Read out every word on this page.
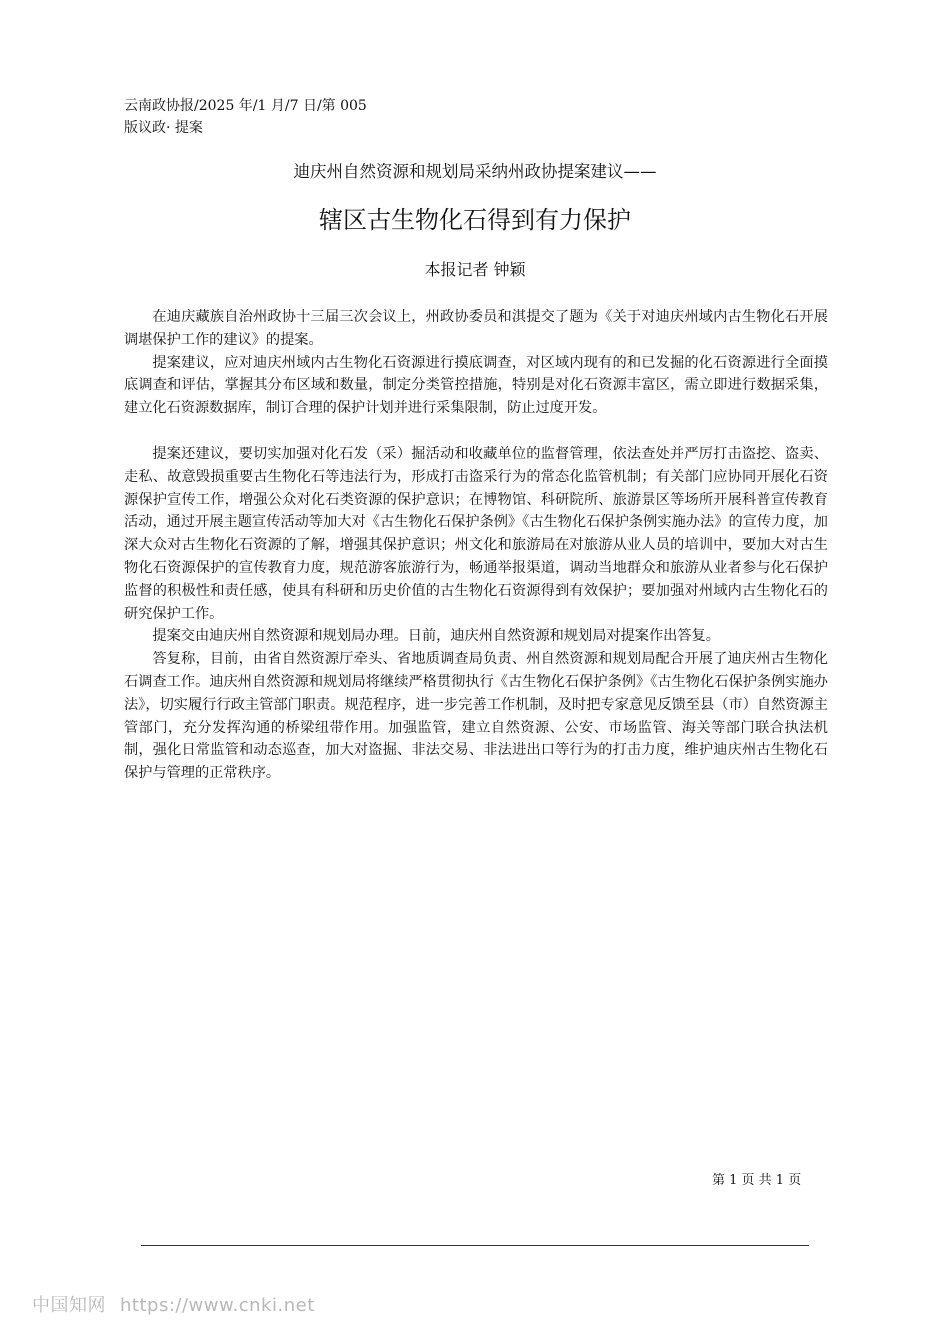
云南政协报/2025 年/1 月/7 日/第 005
版议政· 提案
迪庆州自然资源和规划局采纳州政协提案建议——
辖区古生物化石得到有力保护
本报记者 钟颖

在迪庆藏族自治州政协十三届三次会议上，州政协委员和淇提交了题为《关于对迪庆州域内古生物化石开展调堪保护工作的建议》的提案。

提案建议，应对迪庆州域内古生物化石资源进行摸底调查，对区域内现有的和已发掘的化石资源进行全面摸底调查和评估，掌握其分布区域和数量，制定分类管控措施，特别是对化石资源丰富区，需立即进行数据采集，建立化石资源数据库，制订合理的保护计划并进行采集限制，防止过度开发。

提案还建议，要切实加强对化石发（采）掘活动和收藏单位的监督管理，依法查处并严厉打击盗挖、盗卖、走私、故意毁损重要古生物化石等违法行为，形成打击盗采行为的常态化监管机制；有关部门应协同开展化石资源保护宣传工作，增强公众对化石类资源的保护意识；在博物馆、科研院所、旅游景区等场所开展科普宣传教育活动，通过开展主题宣传活动等加大对《古生物化石保护条例》《古生物化石保护条例实施办法》的宣传力度，加深大众对古生物化石资源的了解，增强其保护意识；州文化和旅游局在对旅游从业人员的培训中，要加大对古生物化石资源保护的宣传教育力度，规范游客旅游行为，畅通举报渠道，调动当地群众和旅游从业者参与化石保护监督的积极性和责任感，使具有科研和历史价值的古生物化石资源得到有效保护；要加强对州域内古生物化石的研究保护工作。

提案交由迪庆州自然资源和规划局办理。日前，迪庆州自然资源和规划局对提案作出答复。

答复称，目前，由省自然资源厅牵头、省地质调查局负责、州自然资源和规划局配合开展了迪庆州古生物化石调查工作。迪庆州自然资源和规划局将继续严格贯彻执行《古生物化石保护条例》《古生物化石保护条例实施办法》，切实履行行政主管部门职责。规范程序，进一步完善工作机制，及时把专家意见反馈至县（市）自然资源主管部门，充分发挥沟通的桥梁纽带作用。加强监管，建立自然资源、公安、市场监管、海关等部门联合执法机制，强化日常监管和动态巡查，加大对盗掘、非法交易、非法进出口等行为的打击力度，维护迪庆州古生物化石保护与管理的正常秩序。

第 1 页 共 1 页
中国知网 https://www.cnki.net
